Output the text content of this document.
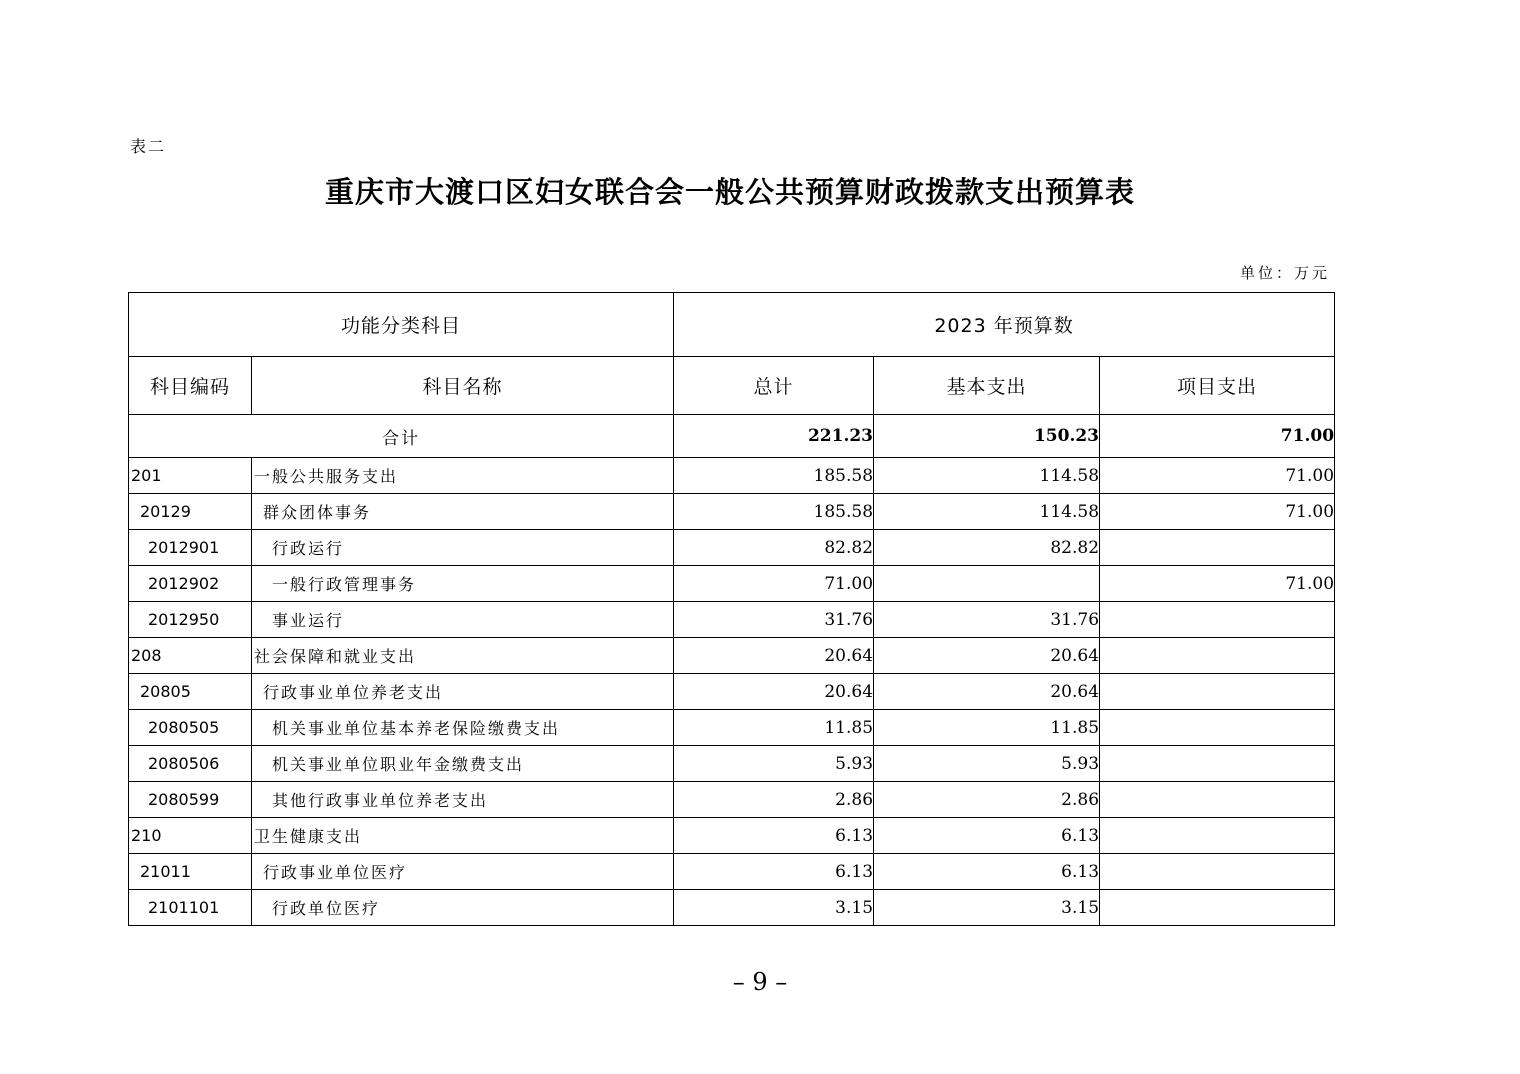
表二
重庆市大渡口区妇女联合会一般公共预算财政拨款支出预算表
单位：万元
功能分类科目		2023 年预算数		
科目编码	科目名称	总计	基本支出	项目支出
合计		221.23	150.23	71.00
201	一般公共服务支出	185.58	114.58	71.00
20129	群众团体事务	185.58	114.58	71.00
2012901	行政运行	82.82	82.82	
2012902	一般行政管理事务	71.00		71.00
2012950	事业运行	31.76	31.76	
208	社会保障和就业支出	20.64	20.64	
20805	行政事业单位养老支出	20.64	20.64	
2080505	机关事业单位基本养老保险缴费支出	11.85	11.85	
2080506	机关事业单位职业年金缴费支出	5.93	5.93	
2080599	其他行政事业单位养老支出	2.86	2.86	
210	卫生健康支出	6.13	6.13	
21011	行政事业单位医疗	6.13	6.13	
2101101	行政单位医疗	3.15	3.15	
– 9 –
